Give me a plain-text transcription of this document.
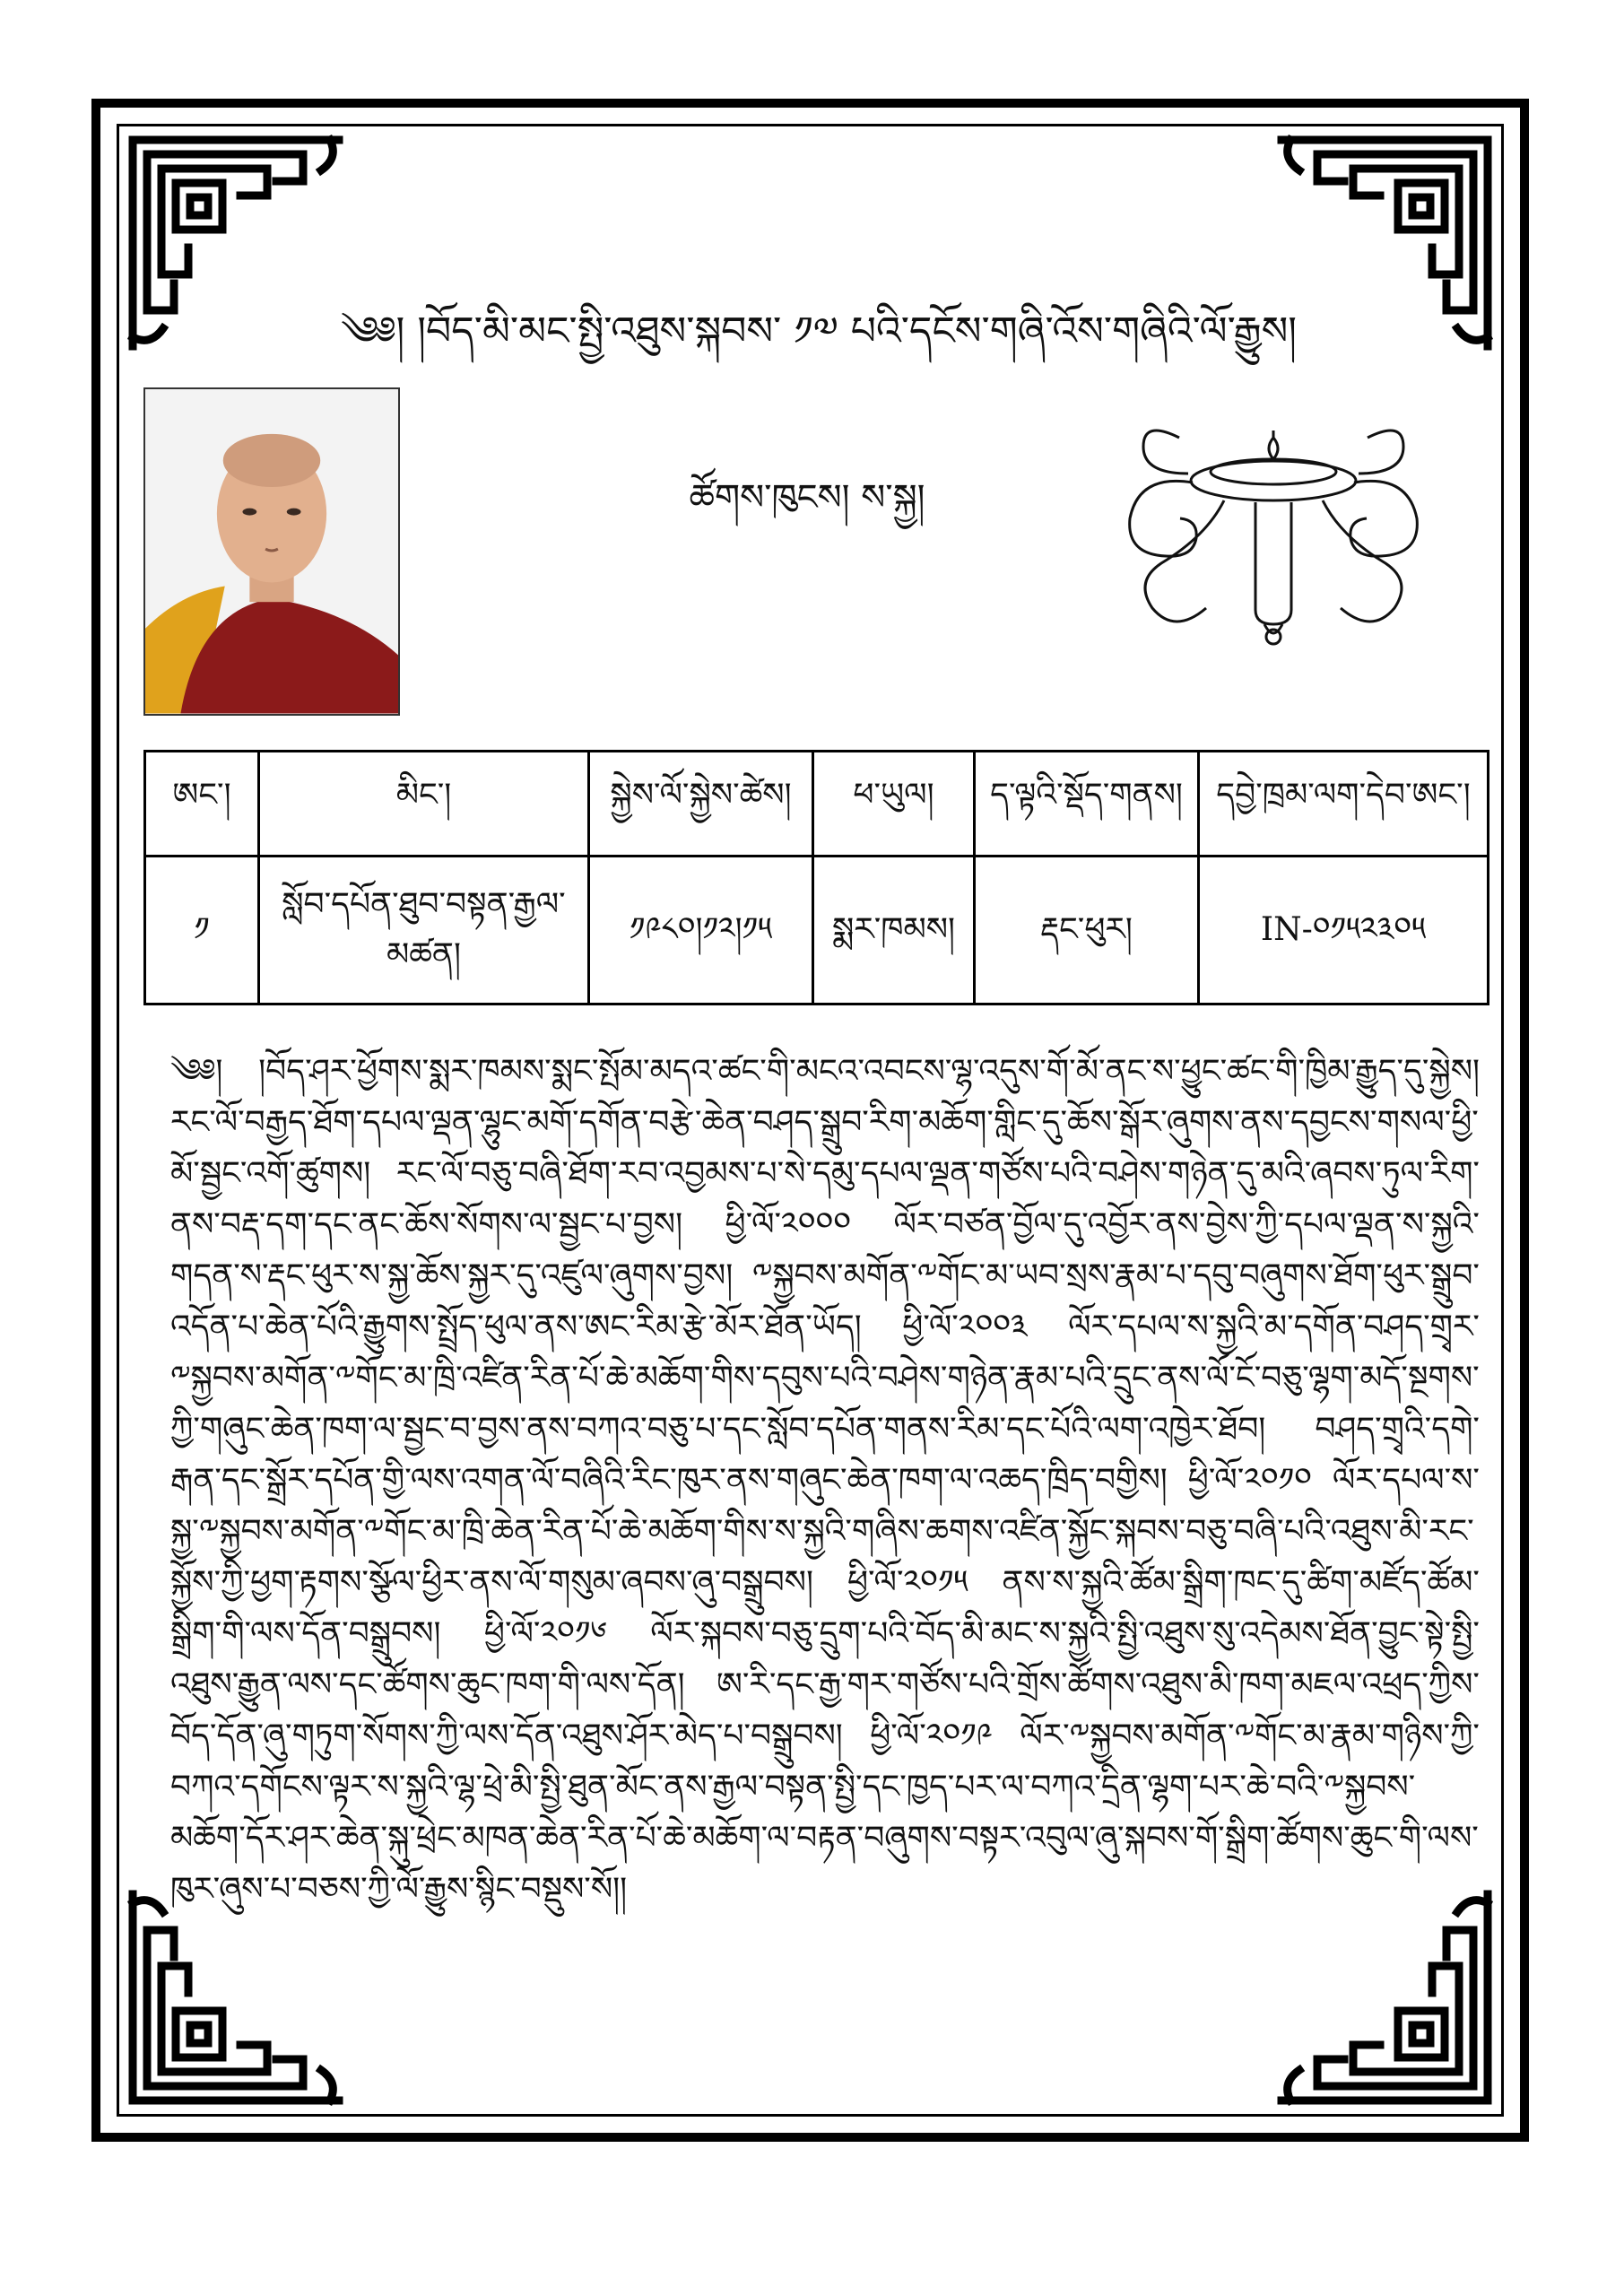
༄༅། །བོད་མི་མང་སྤྱི་འཐུས་སྐབས་ ༡༧ པའི་དངོས་གཞི་འོས་གཞིའི་ལོ་རྒྱུས།
ཚོགས་ཁུངས། ས་སྐྱ།
ཨང་།	མིང་།	སྐྱེས་ལོ་སྐྱེས་ཚེས།	ཕ་ཡུལ།	ད་ལྟའི་སྡོད་གནས།	དབྱེ་ཁྲམ་ལག་དེབ་ཨང་།
༡	སློབ་དཔོན་ཐུབ་བསྟན་རྒྱལ་མཚན།	༡༩༨༠།༡༢།༡༥	སྨར་ཁམས།	རྡང་ཕུར།	IN-༠༡༥༢༣༠༥
༄༅། །བོད་ཤར་ཕྱོགས་སྨར་ཁམས་སྨང་སྤོམ་མདའ་ཚང་གི་མངའ་འབངས་ལྷ་འདུས་གོ་མོ་ནང་ས་ཕྱུང་ཚང་གི་ཁྱིམ་རྒྱུད་དུ་སྐྱེས། རང་ལོ་བརྒྱད་ཐོག་དཔལ་ལྡན་ལྷུང་མགོ་དགོན་བརྩེ་ཆེན་བཤད་སྒྲུབ་རིག་མཆོག་གླིང་དུ་ཆོས་སྒོར་ཞུགས་ནས་དབྱངས་གསལ་ཕྱི་མོ་སྦྱང་འགོ་ཚུགས། རང་ལོ་བཅུ་བཞི་ཐོག་རབ་འབྱམས་པ་སེ་དམུ་དཔལ་ལྡན་གཙོས་པའི་བཤེས་གཉེན་དུ་མའི་ཞབས་ཏུལ་རིག་ནས་བརྡ་དག་དང་ནང་ཆོས་སོགས་ལ་སྦྱང་པ་བྱས། ཕྱི་ལོ་༢༠༠༠ ལོར་བཙན་བྱོལ་དུ་འབྱོར་ནས་བྱེས་ཀྱི་དཔལ་ལྡན་ས་སྐྱའི་གདན་ས་རྡང་ཕུར་ས་སྐྱ་ཆོས་སྐྱར་དུ་འཛུལ་ཞུགས་བྱས། ༸སྐྱབས་མགོན་༸གོང་མ་ཡབ་སྲས་རྣམ་པ་དབུ་བཞུགས་ཐོག་ཕུར་སྒྲུབ་འདོན་པ་ཆེན་པོའི་རྒྱུགས་སྤྲོད་ཕུལ་ནས་ཨང་རིམ་རྩེ་མོར་ཐོན་ཡོད། ཕྱི་ལོ་༢༠༠༣ ལོར་དཔལ་ས་སྐྱའི་མ་དགོན་བཤད་གྲྭར་༸སྐྱབས་མགོན་༸གོང་མ་ཁྲི་འཛིན་རིན་པོ་ཆེ་མཆོག་གིས་དབུས་པའི་བཤེས་གཉེན་རྣམ་པའི་དྲུང་ནས་ལོ་ངོ་བཅུ་ལྷག་མདོ་སྔགས་ཀྱི་གཞུང་ཆེན་ཁག་ལ་སྦྱང་བ་བྱས་ནས་བཀའ་བཅུ་པ་དང་སློབ་དཔོན་གནས་རིམ་དང་པོའི་ལག་འཁྱེར་ཐོབ། བཤད་གྲྭའི་དགེ་རྒན་དང་སྒྲོར་དཔོན་གྱི་ལས་འགན་ལོ་བཞིའི་རིང་ཁུར་ནས་གཞུང་ཆེན་ཁག་ལ་འཆད་ཁྲིད་བགྱིས། ཕྱི་ལོ་༢༠༡༠ ལོར་དཔལ་ས་སྐྱ་༸སྐྱབས་མགོན་༸གོང་མ་ཁྲི་ཆེན་རིན་པོ་ཆེ་མཆོག་གིས་ས་སྐྱའི་གཞིས་ཆགས་འཛིན་སྐྱོང་སྐབས་བཅུ་བཞི་པའི་འཐུས་མི་རང་སྐྱོས་ཀྱི་ཕྱག་རྟགས་སྩོལ་ཕྱིར་ནས་ལོ་གསུམ་ཞབས་ཞུ་བསྒྲུབས། ཕྱི་ལོ་༢༠༡༥ ནས་ས་སྐྱའི་ཚོམ་སྒྲིག་ཁང་དུ་ཚིག་མཛོད་ཚོམ་སྒྲིག་གི་ལས་དོན་བསྒྲུབས། ཕྱི་ལོ་༢༠༡༦ ལོར་སྐབས་བཅུ་དྲུག་པའི་བོད་མི་མང་ས་སྐྱའི་སྤྱི་འཐུས་སུ་འདེམས་ཐོན་བྱུང་སྟེ་སྤྱི་འཐུས་རྒྱུན་ལས་དང་ཚོགས་ཆུང་ཁག་གི་ལས་དོན། ཨ་རི་དང་རྒྱ་གར་གཙོས་པའི་གྲོས་ཚོགས་འཐུས་མི་ཁག་མཇལ་འཕྲད་ཀྱིས་བོད་དོན་ཞུ་གཏུག་སོགས་ཀྱི་ལས་དོན་འཐུས་ཤོར་མེད་པ་བསྒྲུབས། ཕྱི་ལོ་༢༠༡༩ ལོར་༸སྐྱབས་མགོན་༸གོང་མ་རྣམ་གཉིས་ཀྱི་བཀའ་དགོངས་ལྟར་ས་སྐྱའི་ལྷ་ཕྲེ་མི་སྤྱི་ཐུན་མོང་ནས་རྒྱལ་བསྟན་སྤྱི་དང་ཁྱད་པར་ལ་བཀའ་དྲིན་ལྷག་པར་ཆེ་བའི་༸སྐྱབས་མཆོག་དོར་ཤར་ཆེན་སྐུ་ཕྲེང་མཁན་ཆེན་རིན་པོ་ཆེ་མཆོག་ལ་བརྟན་བཞུགས་བསྟར་འབུལ་ཞུ་སྐབས་གོ་སྒྲིག་ཚོགས་ཆུང་གི་ལས་ཁུར་ཞུས་པ་བཅས་ཀྱི་ལོ་རྒྱུས་སྙིང་བསྡུས་སོ།།
